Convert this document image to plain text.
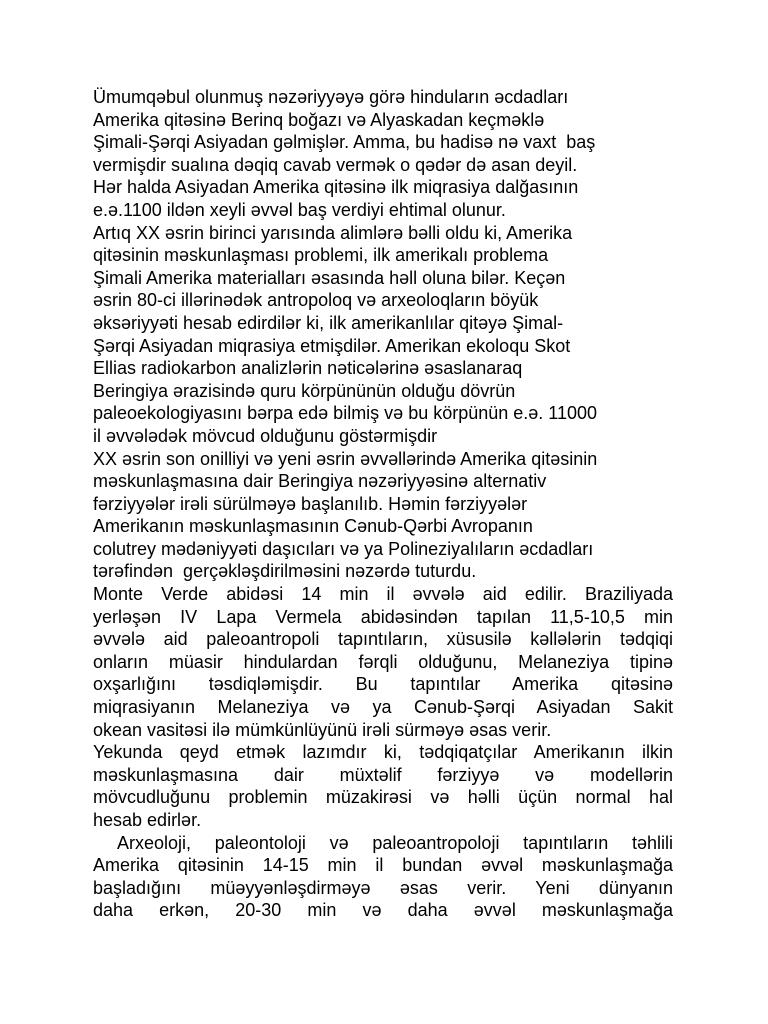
Ümumqəbul olunmuş nəzəriyyəyə görə hinduların əcdadları
Amerika qitəsinə Berinq boğazı və Alyaskadan keçməklə
Şimali-Şərqi Asiyadan gəlmişlər. Amma, bu hadisə nə vaxt  baş
vermişdir sualına dəqiq cavab vermək o qədər də asan deyil.
Hər halda Asiyadan Amerika qitəsinə ilk miqrasiya dalğasının
e.ə.1100 ildən xeyli əvvəl baş verdiyi ehtimal olunur.
Artıq XX əsrin birinci yarısında alimlərə bəlli oldu ki, Amerika
qitəsinin məskunlaşması problemi, ilk amerikalı problema
Şimali Amerika materialları əsasında həll oluna bilər. Keçən
əsrin 80-ci illərinədək antropoloq və arxeoloqların böyük
əksəriyyəti hesab edirdilər ki, ilk amerikanlılar qitəyə Şimal-
Şərqi Asiyadan miqrasiya etmişdilər. Amerikan ekoloqu Skot
Ellias radiokarbon analizlərin nəticələrinə əsaslanaraq
Beringiya ərazisində quru körpününün olduğu dövrün
paleoekologiyasını bərpa edə bilmiş və bu körpünün e.ə. 11000
il əvvələdək mövcud olduğunu göstərmişdir
XX əsrin son onilliyi və yeni əsrin əvvəllərində Amerika qitəsinin
məskunlaşmasına dair Beringiya nəzəriyyəsinə alternativ
fərziyyələr irəli sürülməyə başlanılıb. Həmin fərziyyələr
Amerikanın məskunlaşmasının Cənub-Qərbi Avropanın
colutrey mədəniyyəti daşıcıları və ya Polineziyalıların əcdadları
tərəfindən  gerçəkləşdirilməsini nəzərdə tuturdu.
Monte Verde abidəsi 14 min il əvvələ aid edilir. Braziliyada
yerləşən IV Lapa Vermela abidəsindən tapılan 11,5-10,5 min
əvvələ aid paleoantropoli tapıntıların, xüsusilə kəllələrin tədqiqi
onların müasir hindulardan fərqli olduğunu, Melaneziya tipinə
oxşarlığını təsdiqləmişdir. Bu tapıntılar Amerika qitəsinə
miqrasiyanın Melaneziya və ya Cənub-Şərqi Asiyadan Sakit
okean vasitəsi ilə mümkünlüyünü irəli sürməyə əsas verir.
Yekunda qeyd etmək lazımdır ki, tədqiqatçılar Amerikanın ilkin
məskunlaşmasına dair müxtəlif fərziyyə və modellərin
mövcudluğunu problemin müzakirəsi və həlli üçün normal hal
hesab edirlər.
Arxeoloji, paleontoloji və paleoantropoloji tapıntıların təhlili
Amerika qitəsinin 14-15 min il bundan əvvəl məskunlaşmağa
başladığını müəyyənləşdirməyə əsas verir. Yeni dünyanın
daha erkən, 20-30 min və daha əvvəl məskunlaşmağa
